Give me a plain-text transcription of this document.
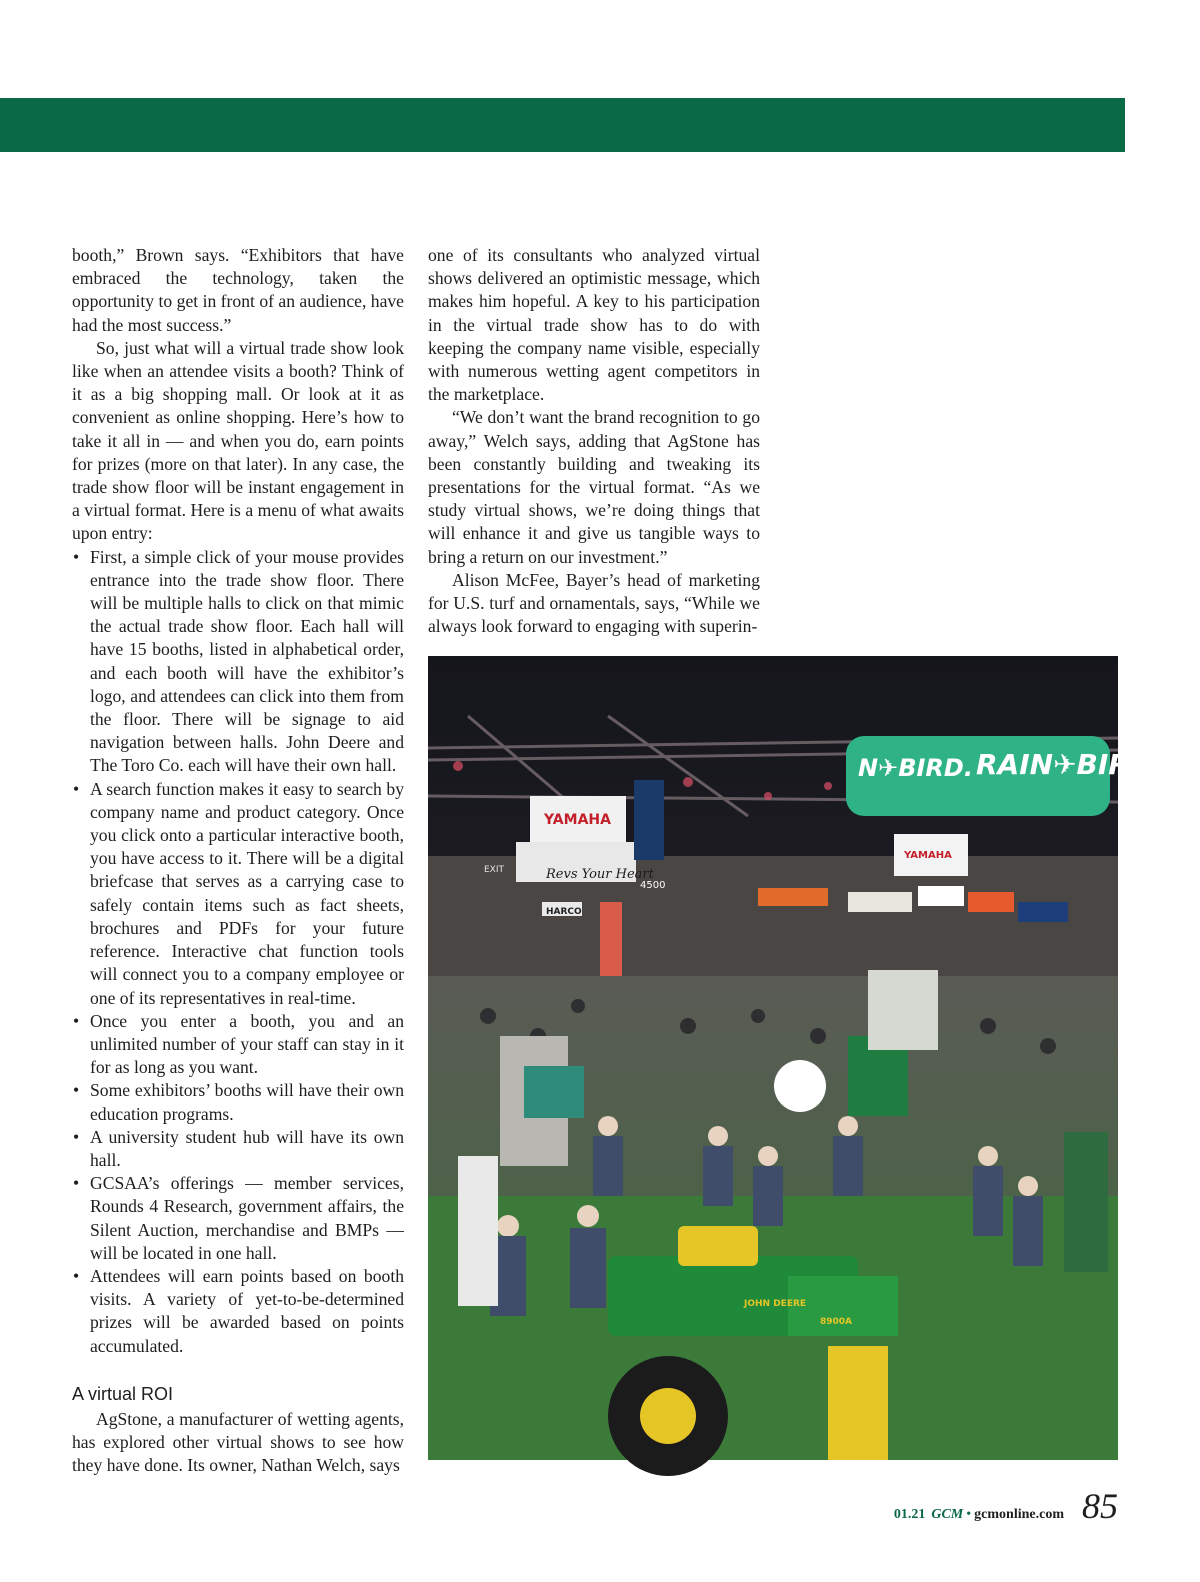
booth,” Brown says. “Exhibitors that have embraced the technology, taken the opportunity to get in front of an audience, have had the most success.”

So, just what will a virtual trade show look like when an attendee visits a booth? Think of it as a big shopping mall. Or look at it as convenient as online shopping. Here’s how to take it all in — and when you do, earn points for prizes (more on that later). In any case, the trade show floor will be instant engagement in a virtual format. Here is a menu of what awaits upon entry:

• First, a simple click of your mouse provides entrance into the trade show floor. There will be multiple halls to click on that mimic the actual trade show floor. Each hall will have 15 booths, listed in alphabetical order, and each booth will have the exhibitor’s logo, and attendees can click into them from the floor. There will be signage to aid navigation between halls. John Deere and The Toro Co. each will have their own hall.
• A search function makes it easy to search by company name and product category. Once you click onto a particular interactive booth, you have access to it. There will be a digital briefcase that serves as a carrying case to safely contain items such as fact sheets, brochures and PDFs for your future reference. Interactive chat function tools will connect you to a company employee or one of its representatives in real-time.
• Once you enter a booth, you and an unlimited number of your staff can stay in it for as long as you want.
• Some exhibitors’ booths will have their own education programs.
• A university student hub will have its own hall.
• GCSAA’s offerings — member services, Rounds 4 Research, government affairs, the Silent Auction, merchandise and BMPs — will be located in one hall.
• Attendees will earn points based on booth visits. A variety of yet-to-be-determined prizes will be awarded based on points accumulated.
A virtual ROI

AgStone, a manufacturer of wetting agents, has explored other virtual shows to see how they have done. Its owner, Nathan Welch, says

one of its consultants who analyzed virtual shows delivered an optimistic message, which makes him hopeful. A key to his participation in the virtual trade show has to do with keeping the company name visible, especially with numerous wetting agent competitors in the marketplace.

“We don’t want the brand recognition to go away,” Welch says, adding that AgStone has been constantly building and tweaking its presentations for the virtual format. “As we study virtual shows, we’re doing things that will enhance it and give us tangible ways to bring a return on our investment.”

Alison McFee, Bayer’s head of marketing for U.S. turf and ornamentals, says, “While we always look forward to engaging with superin-

N✈BIRD. RAIN✈BIRD
YAMAHA
Revs Your Heart
YAMAHA
4500
HARCO
EXIT
JOHN DEERE
8900A
01.21 GCM • gcmonline.com 85
